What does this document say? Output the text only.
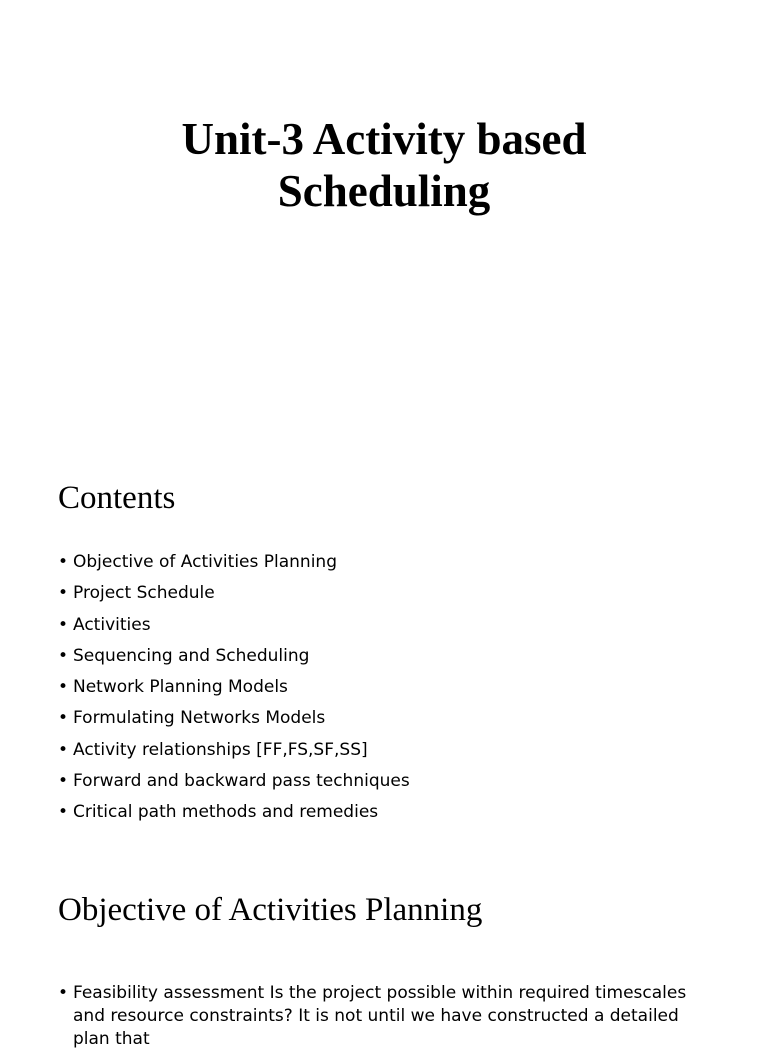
Unit-3 Activity based
Scheduling
Contents
• Objective of Activities Planning
• Project Schedule
• Activities
• Sequencing and Scheduling
• Network Planning Models
• Formulating Networks Models
• Activity relationships [FF,FS,SF,SS]
• Forward and backward pass techniques
• Critical path methods and remedies
Objective of Activities Planning
• Feasibility assessment Is the project possible within required timescales and resource constraints? It is not until we have constructed a detailed plan that
